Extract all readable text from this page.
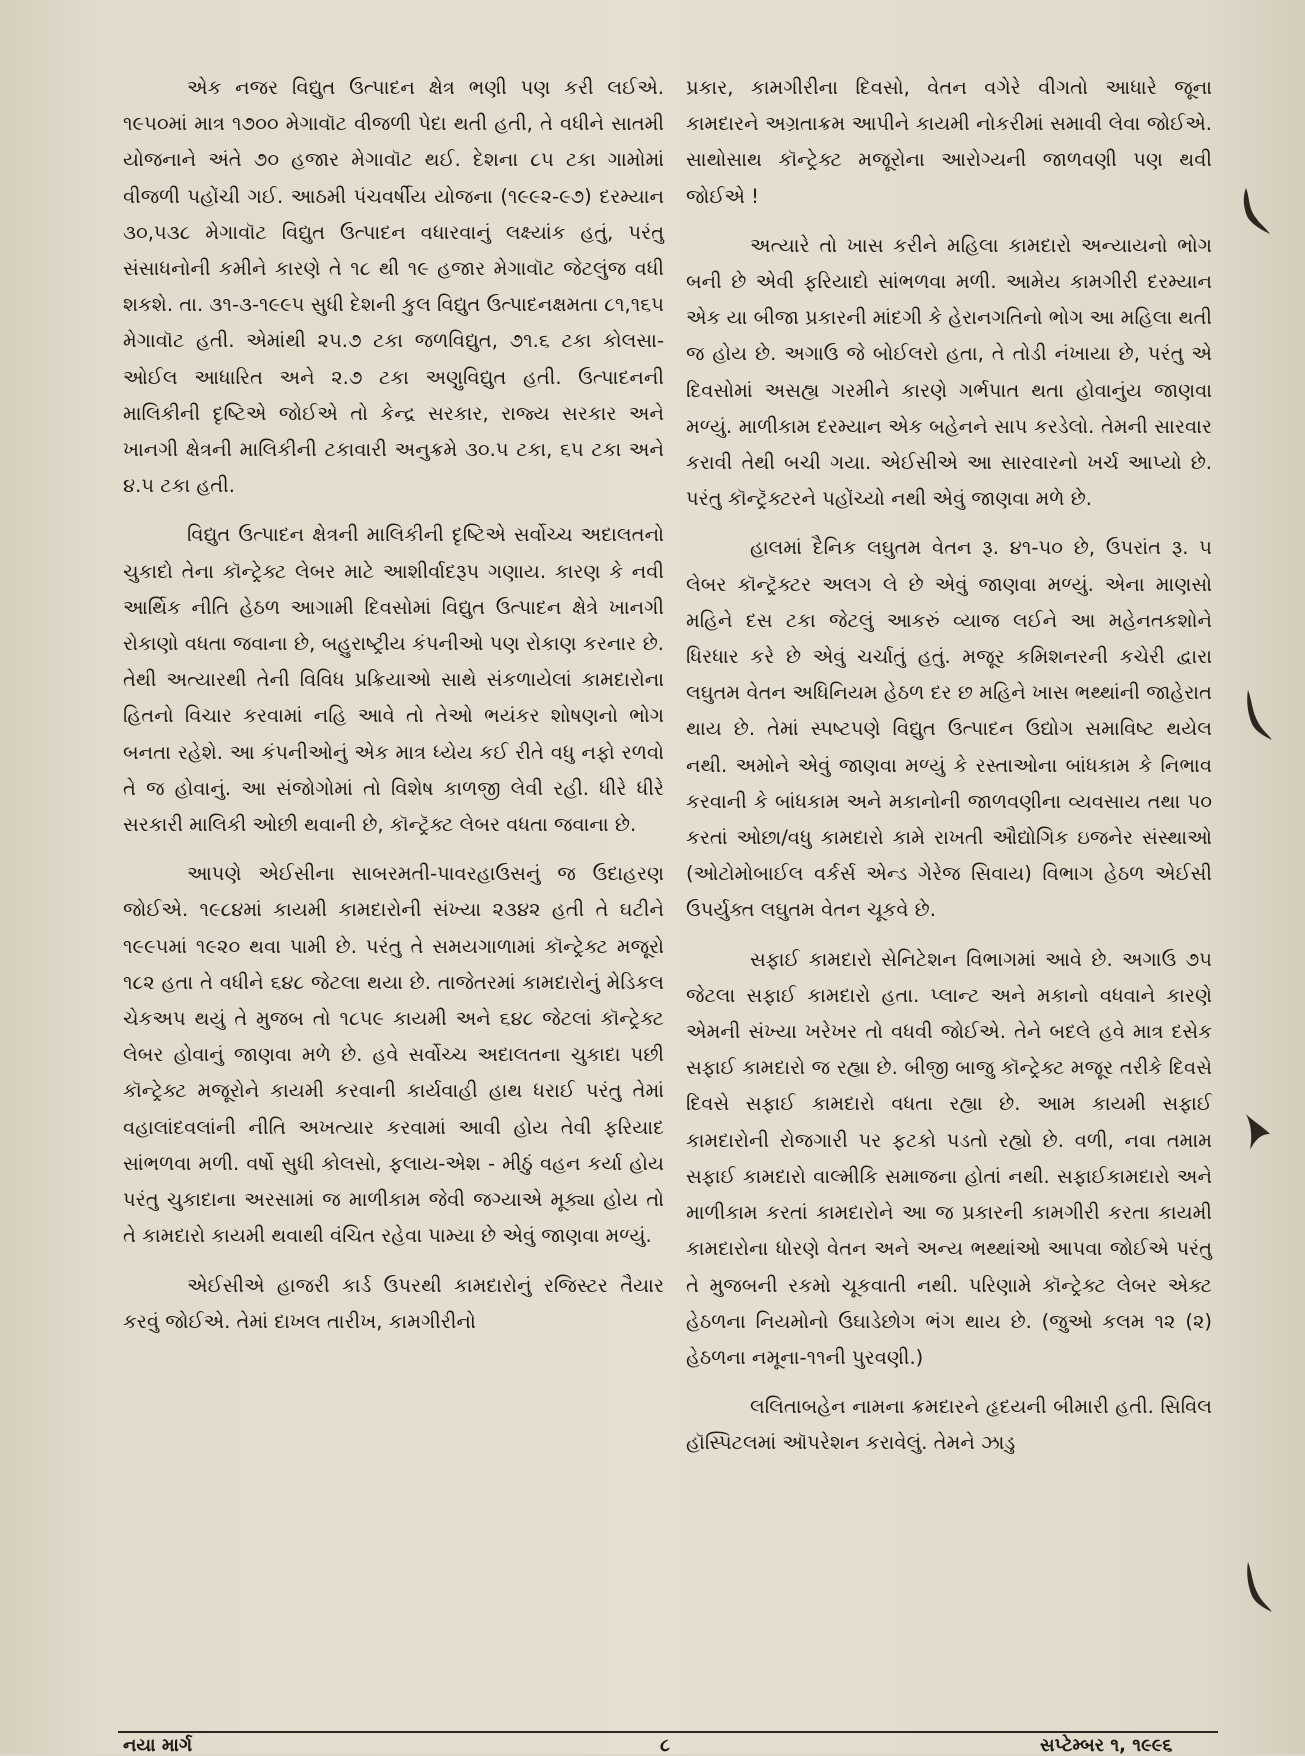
એક નજર વિદ્યુત ઉત્પાદન ક્ષેત્ર ભણી પણ કરી લઈએ. ૧૯૫૦માં માત્ર ૧૭૦૦ મેગાવૉટ વીજળી પેદા થતી હતી, તે વધીને સાતમી યોજનાને અંતે ૭૦ હજાર મેગાવૉટ થઈ. દેશના ૮૫ ટકા ગામોમાં વીજળી પહોંચી ગઈ. આઠમી પંચવર્ષીય યોજના (૧૯૯૨-૯૭) દરમ્યાન ૩૦,૫૩૮ મેગાવૉટ વિદ્યુત ઉત્પાદન વધારવાનું લક્ષ્યાંક હતું, પરંતુ સંસાધનોની કમીને કારણે તે ૧૮ થી ૧૯ હજાર મેગાવૉટ જેટલુંજ વધી શકશે. તા. ૩૧-૩-૧૯૯૫ સુધી દેશની કુલ વિદ્યુત ઉત્પાદનક્ષમતા ૮૧,૧૬૫ મેગાવૉટ હતી. એમાંથી ૨૫.૭ ટકા જળવિદ્યુત, ૭૧.૬ ટકા કોલસા-ઓઈલ આધારિત અને ૨.૭ ટકા અણુવિદ્યુત હતી. ઉત્પાદનની માલિકીની દૃષ્ટિએ જોઈએ તો કેન્દ્ર સરકાર, રાજ્ય સરકાર અને ખાનગી ક્ષેત્રની માલિકીની ટકાવારી અનુક્રમે ૩૦.૫ ટકા, ૬૫ ટકા અને ૪.૫ ટકા હતી.

વિદ્યુત ઉત્પાદન ક્ષેત્રની માલિકીની દૃષ્ટિએ સર્વોચ્ચ અદાલતનો ચુકાદો તેના કૉન્ટ્રેક્ટ લેબર માટે આશીર્વાદરૂપ ગણાય. કારણ કે નવી આર્થિક નીતિ હેઠળ આગામી દિવસોમાં વિદ્યુત ઉત્પાદન ક્ષેત્રે ખાનગી રોકાણો વધતા જવાના છે, બહુરાષ્ટ્રીય કંપનીઓ પણ રોકાણ કરનાર છે. તેથી અત્યારથી તેની વિવિધ પ્રક્રિયાઓ સાથે સંકળાયેલાં કામદારોના હિતનો વિચાર કરવામાં નહિ આવે તો તેઓ ભયંકર શોષણનો ભોગ બનતા રહેશે. આ કંપનીઓનું એક માત્ર ધ્યેય કઈ રીતે વધુ નફો રળવો તે જ હોવાનું. આ સંજોગોમાં તો વિશેષ કાળજી લેવી રહી. ધીરે ધીરે સરકારી માલિકી ઓછી થવાની છે, કૉન્ટ્રૅક્ટ લેબર વધતા જવાના છે.

આપણે એઈસીના સાબરમતી-પાવરહાઉસનું જ ઉદાહરણ જોઈએ. ૧૯૮૪માં કાયમી કામદારોની સંખ્યા ૨૩૪૨ હતી તે ઘટીને ૧૯૯૫માં ૧૯૨૦ થવા પામી છે. પરંતુ તે સમયગાળામાં કૉન્ટ્રેક્ટ મજૂરો ૧૮૨ હતા તે વધીને ૬૪૮ જેટલા થયા છે. તાજેતરમાં કામદારોનું મેડિકલ ચેકઅપ થયું તે મુજબ તો ૧૮૫૯ કાયમી અને ૬૪૮ જેટલાં કૉન્ટ્રેક્ટ લેબર હોવાનું જાણવા મળે છે. હવે સર્વોચ્ચ અદાલતના ચુકાદા પછી કૉન્ટ્રેક્ટ મજૂરોને કાયમી કરવાની કાર્યવાહી હાથ ધરાઈ પરંતુ તેમાં વહાલાંદવલાંની નીતિ અખત્યાર કરવામાં આવી હોય તેવી ફરિયાદ સાંભળવા મળી. વર્ષો સુધી કોલસો, ફલાય-એશ - મીઠું વહન કર્યા હોય પરંતુ ચુકાદાના અરસામાં જ માળીકામ જેવી જગ્યાએ મૂક્યા હોય તો તે કામદારો કાયમી થવાથી વંચિત રહેવા પામ્યા છે એવું જાણવા મળ્યું.

એઈસીએ હાજરી કાર્ડ ઉપરથી કામદારોનું રજિસ્ટર તૈયાર કરવું જોઈએ. તેમાં દાખલ તારીખ, કામગીરીનો

પ્રકાર, કામગીરીના દિવસો, વેતન વગેરે વીગતો આધારે જૂના કામદારને અગ્રતાક્રમ આપીને કાયમી નોકરીમાં સમાવી લેવા જોઈએ. સાથોસાથ કૉન્ટ્રેક્ટ મજૂરોના આરોગ્યની જાળવણી પણ થવી જોઈએ !

અત્યારે તો ખાસ કરીને મહિલા કામદારો અન્યાયનો ભોગ બની છે એવી ફરિયાદો સાંભળવા મળી. આમેય કામગીરી દરમ્યાન એક યા બીજા પ્રકારની માંદગી કે હેરાનગતિનો ભોગ આ મહિલા થતી જ હોય છે. અગાઉ જે બોઈલરો હતા, તે તોડી નંખાયા છે, પરંતુ એ દિવસોમાં અસહ્ય ગરમીને કારણે ગર્ભપાત થતા હોવાનુંય જાણવા મળ્યું. માળીકામ દરમ્યાન એક બહેનને સાપ કરડેલો. તેમની સારવાર કરાવી તેથી બચી ગયા. એઈસીએ આ સારવારનો ખર્ચ આપ્યો છે. પરંતુ કૉન્ટ્રૅક્ટરને પહોંચ્યો નથી એવું જાણવા મળે છે.

હાલમાં દૈનિક લઘુતમ વેતન રૂ. ૪૧-૫૦ છે, ઉપરાંત રૂ. ૫ લેબર કૉન્ટ્રૅક્ટર અલગ લે છે એવું જાણવા મળ્યું. એના માણસો મહિને દસ ટકા જેટલું આકરું વ્યાજ લઈને આ મહેનતકશોને ધિરધાર કરે છે એવું ચર્ચાતું હતું. મજૂર કમિશનરની કચેરી દ્વારા લઘુતમ વેતન અધિનિયમ હેઠળ દર છ મહિને ખાસ ભથ્થાંની જાહેરાત થાય છે. તેમાં સ્પષ્ટપણે વિદ્યુત ઉત્પાદન ઉદ્યોગ સમાવિષ્ટ થયેલ નથી. અમોને એવું જાણવા મળ્યું કે રસ્તાઓના બાંધકામ કે નિભાવ કરવાની કે બાંધકામ અને મકાનોની જાળવણીના વ્યવસાય તથા ૫૦ કરતાં ઓછા/વધુ કામદારો કામે રાખતી ઔદ્યોગિક ઇજનેર સંસ્થાઓ (ઓટોમોબાઈલ વર્કર્સ એન્ડ ગેરેજ સિવાય) વિભાગ હેઠળ એઈસી ઉપર્યુક્ત લઘુતમ વેતન ચૂકવે છે.

સફાઈ કામદારો સેનિટેશન વિભાગમાં આવે છે. અગાઉ ૭૫ જેટલા સફાઈ કામદારો હતા. પ્લાન્ટ અને મકાનો વધવાને કારણે એમની સંખ્યા ખરેખર તો વધવી જોઈએ. તેને બદલે હવે માત્ર દસેક સફાઈ કામદારો જ રહ્યા છે. બીજી બાજુ કૉન્ટ્રેક્ટ મજૂર તરીકે દિવસે દિવસે સફાઈ કામદારો વધતા રહ્યા છે. આમ કાયમી સફાઈ કામદારોની રોજગારી પર ફટકો પડતો રહ્યો છે. વળી, નવા તમામ સફાઈ કામદારો વાલ્મીકિ સમાજના હોતાં નથી. સફાઈકામદારો અને માળીકામ કરતાં કામદારોને આ જ પ્રકારની કામગીરી કરતા કાયમી કામદારોના ધોરણે વેતન અને અન્ય ભથ્થાંઓ આપવા જોઈએ પરંતુ તે મુજબની રકમો ચૂકવાતી નથી. પરિણામે કૉન્ટ્રેક્ટ લેબર એક્ટ હેઠળના નિયમોનો ઉઘાડેછોગ ભંગ થાય છે. (જુઓ કલમ ૧૨ (૨) હેઠળના નમૂના-૧૧ની પુરવણી.)

લલિતાબહેન નામના ક્રમદારને હૃદયની બીમારી હતી. સિવિલ હૉસ્પિટલમાં ઑપરેશન કરાવેલું. તેમને ઝાડુ

નયા માર્ગ	૮	સપ્ટેમ્બર ૧, ૧૯૯૬
